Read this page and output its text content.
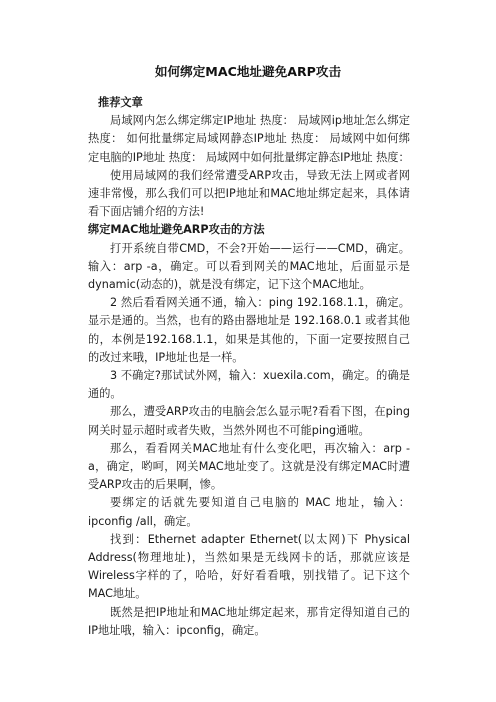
如何绑定MAC地址避免ARP攻击

推荐文章

局域网内怎么绑定绑定IP地址 热度： 局域网ip地址怎么绑定 热度： 如何批量绑定局域网静态IP地址 热度： 局域网中如何绑定电脑的IP地址 热度： 局域网中如何批量绑定静态IP地址 热度：

使用局域网的我们经常遭受ARP攻击，导致无法上网或者网速非常慢，那么我们可以把IP地址和MAC地址绑定起来，具体请看下面店铺介绍的方法!

绑定MAC地址避免ARP攻击的方法

打开系统自带CMD，不会?开始——运行——CMD，确定。输入：arp -a，确定。可以看到网关的MAC地址，后面显示是dynamic(动态的)，就是没有绑定，记下这个MAC地址。

2 然后看看网关通不通，输入：ping 192.168.1.1，确定。显示是通的。当然，也有的路由器地址是 192.168.0.1 或者其他的，本例是192.168.1.1，如果是其他的，下面一定要按照自己的改过来哦，IP地址也是一样。

3 不确定?那试试外网，输入：xuexila.com，确定。的确是通的。

那么，遭受ARP攻击的电脑会怎么显示呢?看看下图，在ping网关时显示超时或者失败，当然外网也不可能ping通啦。

那么，看看网关MAC地址有什么变化吧，再次输入：arp -a，确定，哟呵，网关MAC地址变了。这就是没有绑定MAC时遭受ARP攻击的后果啊，惨。

要绑定的话就先要知道自己电脑的 MAC 地址，输入：ipconfig /all，确定。

找到：Ethernet adapter Ethernet(以太网)下 Physical Address(物理地址)，当然如果是无线网卡的话，那就应该是Wireless字样的了，哈哈，好好看看哦，别找错了。记下这个MAC地址。

既然是把IP地址和MAC地址绑定起来，那肯定得知道自己的IP地址哦，输入：ipconfig，确定。
